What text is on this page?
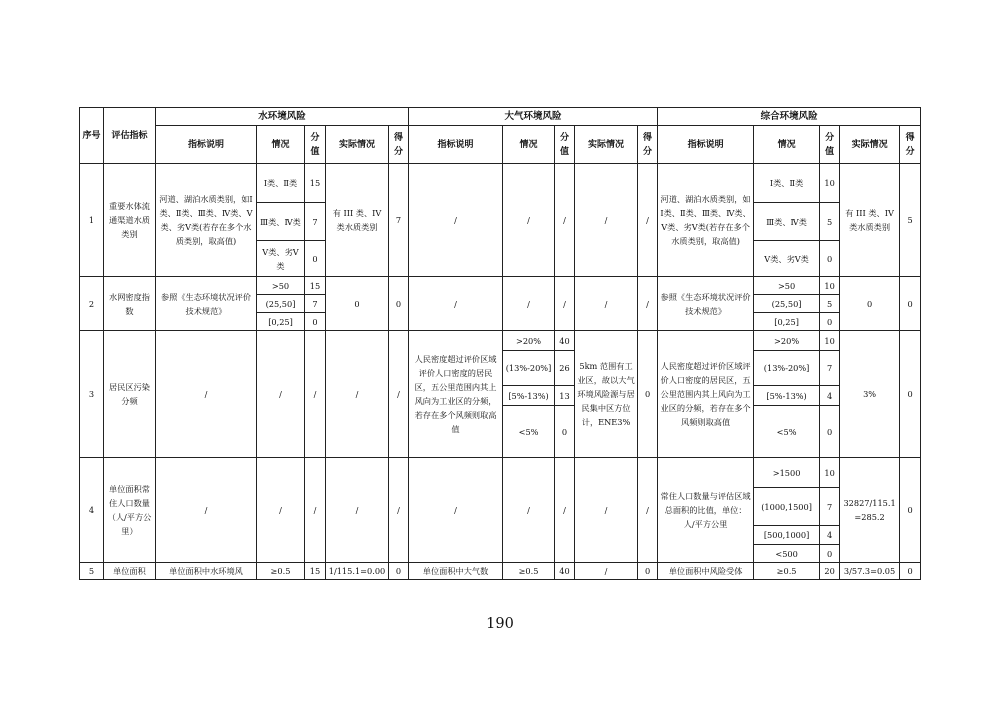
序号	评估指标	水环境风险					大气环境风险					综合环境风险				
		指标说明	情况	分值	实际情况	得分	指标说明	情况	分值	实际情况	得分	指标说明	情况	分值	实际情况	得分
1	重要水体流通渠道水质类别	河道、湖泊水质类别，如Ⅰ类、Ⅱ类、Ⅲ类、Ⅳ类、Ⅴ类、劣Ⅴ类(若存在多个水质类别，取高值)	Ⅰ类、Ⅱ类	15	有 III 类、IV 类水质类别	7	/	/	/	/	/	河道、湖泊水质类别，如Ⅰ类、Ⅱ类、Ⅲ类、Ⅳ类、Ⅴ类、劣Ⅴ类(若存在多个水质类别，取高值)	Ⅰ类、Ⅱ类	10	有 III 类、IV 类水质类别	5
			Ⅲ类、Ⅳ类	7									Ⅲ类、Ⅳ类	5		
			Ⅴ类、劣Ⅴ类	0									Ⅴ类、劣Ⅴ类	0		
2	水网密度指数	参照《生态环境状况评价技术规范》	>50	15	0	0	/	/	/	/	/	参照《生态环境状况评价技术规范》	>50	10	0	0
			(25,50]	7									(25,50]	5		
			[0,25]	0									[0,25]	0		
3	居民区污染分频	/	/	/	/	/	人民密度超过评价区域评价人口密度的居民区，五公里范围内其上风向为工业区的分频，若存在多个风频则取高值	>20%	40	5km 范围有工业区，故以大气环境风险源与居民集中区方位计，ENE3%	0	人民密度超过评价区域评价人口密度的居民区，五公里范围内其上风向为工业区的分频，若存在多个风频则取高值	>20%	10	3%	0
								(13%-20%]	26				(13%-20%]	7		
								[5%-13%)	13				[5%-13%)	4		
								<5%	0				<5%	0		
4	单位面积常住人口数量（人/平方公里）	/	/	/	/	/	/	/	/	/	/	常住人口数量与评估区域总面积的比值，单位：人/平方公里	>1500	10	32827/115.1=285.2	0
													(1000,1500]	7		
													[500,1000]	4		
													<500	0		
5	单位面积	单位面积中水环境风	≥0.5	15	1/115.1=0.00	0	单位面积中大气数	≥0.5	40	/	0	单位面积中风险受体	≥0.5	20	3/57.3=0.05	0
190
